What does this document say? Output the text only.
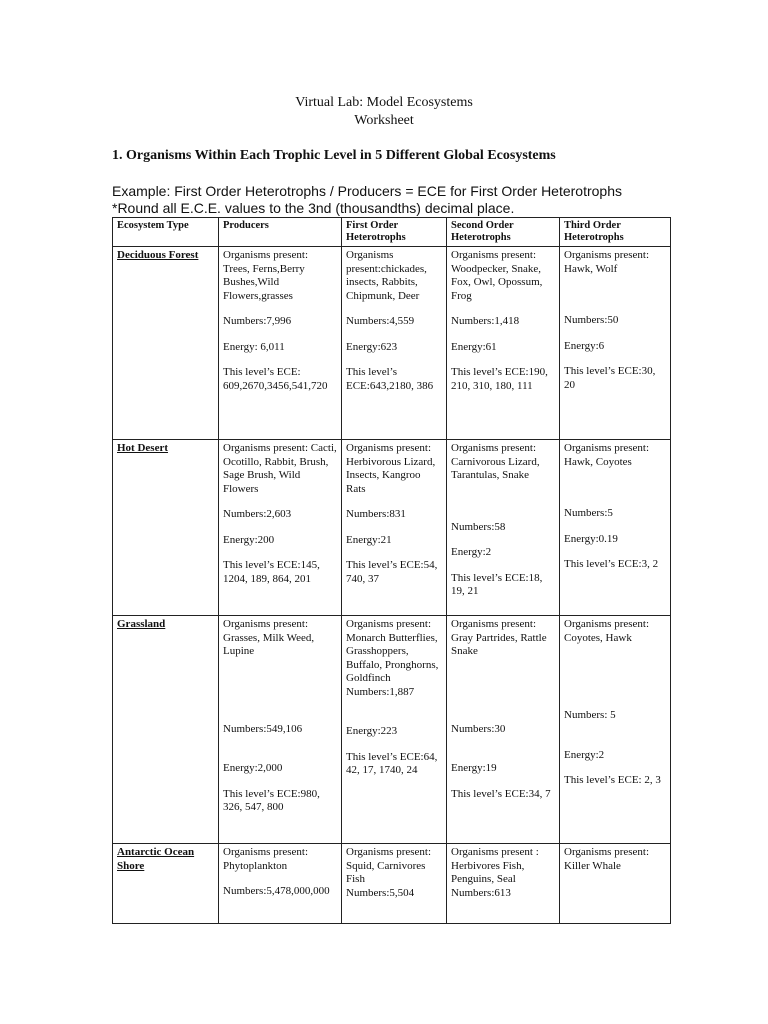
Virtual Lab: Model Ecosystems
Worksheet
1. Organisms Within Each Trophic Level in 5 Different Global Ecosystems
Example: First Order Heterotrophs / Producers = ECE for First Order Heterotrophs
*Round all E.C.E. values to the 3nd (thousandths) decimal place.
Ecosystem Type	Producers	First Order Heterotrophs	Second Order Heterotrophs	Third Order Heterotrophs
Deciduous Forest	Organisms present: Trees, Ferns,Berry Bushes,Wild Flowers,grasses
Numbers:7,996
Energy: 6,011
This level’s ECE: 609,2670,3456,541,720	Organisms present:chickades, insects, Rabbits, Chipmunk, Deer
Numbers:4,559
Energy:623
This level’s ECE:643,2180, 386	Organisms present: Woodpecker, Snake, Fox, Owl, Opossum, Frog
Numbers:1,418
Energy:61
This level’s ECE:190, 210, 310, 180, 111	Organisms present: Hawk, Wolf
Numbers:50
Energy:6
This level’s ECE:30, 20

Hot Desert	Organisms present: Cacti, Ocotillo, Rabbit, Brush, Sage Brush, Wild Flowers
Numbers:2,603
Energy:200
This level’s ECE:145, 1204, 189, 864, 201	Organisms present: Herbivorous Lizard, Insects, Kangroo Rats
Numbers:831
Energy:21
This level’s ECE:54, 740, 37	Organisms present: Carnivorous Lizard, Tarantulas, Snake
Numbers:58
Energy:2
This level’s ECE:18, 19, 21	Organisms present: Hawk, Coyotes
Numbers:5
Energy:0.19
This level’s ECE:3, 2

Grassland	Organisms present: Grasses, Milk Weed, Lupine
Numbers:549,106
Energy:2,000
This level’s ECE:980, 326, 547, 800	Organisms present: Monarch Butterflies, Grasshoppers, Buffalo, Pronghorns, Goldfinch
Numbers:1,887
Energy:223
This level’s ECE:64, 42, 17, 1740, 24	Organisms present: Gray Partrides, Rattle Snake
Numbers:30
Energy:19
This level’s ECE:34, 7	Organisms present: Coyotes, Hawk
Numbers: 5
Energy:2
This level’s ECE: 2, 3

Antarctic Ocean Shore	Organisms present: Phytoplankton
Numbers:5,478,000,000	Organisms present: Squid, Carnivores Fish
Numbers:5,504	Organisms present : Herbivores Fish, Penguins, Seal
Numbers:613	Organisms present: Killer Whale
